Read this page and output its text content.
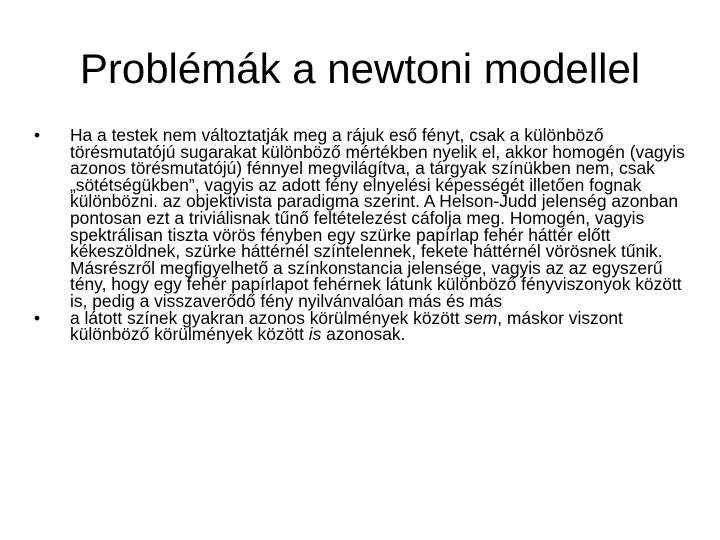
Problémák a newtoni modellel
•	Ha a testek nem változtatják meg a rájuk eső fényt, csak a különböző törésmutatójú sugarakat különböző mértékben nyelik el, akkor homogén (vagyis azonos törésmutatójú) fénnyel megvilágítva, a tárgyak színükben nem, csak „sötétségükben”, vagyis az adott fény elnyelési képességét illetően fognak különbözni. az objektivista paradigma szerint. A Helson-Judd jelenség azonban pontosan ezt a triviálisnak tűnő feltételezést cáfolja meg. Homogén, vagyis spektrálisan tiszta vörös fényben egy szürke papírlap fehér háttér előtt kékeszöldnek, szürke háttérnél színtelennek, fekete háttérnél vörösnek tűnik. Másrészről megfigyelhető a színkonstancia jelensége, vagyis az az egyszerű tény, hogy egy fehér papírlapot fehérnek látunk különböző fényviszonyok között is, pedig a visszaverődő fény nyilvánvalóan más és más
•	a látott színek gyakran azonos körülmények között sem, máskor viszont különböző körülmények között is azonosak.
